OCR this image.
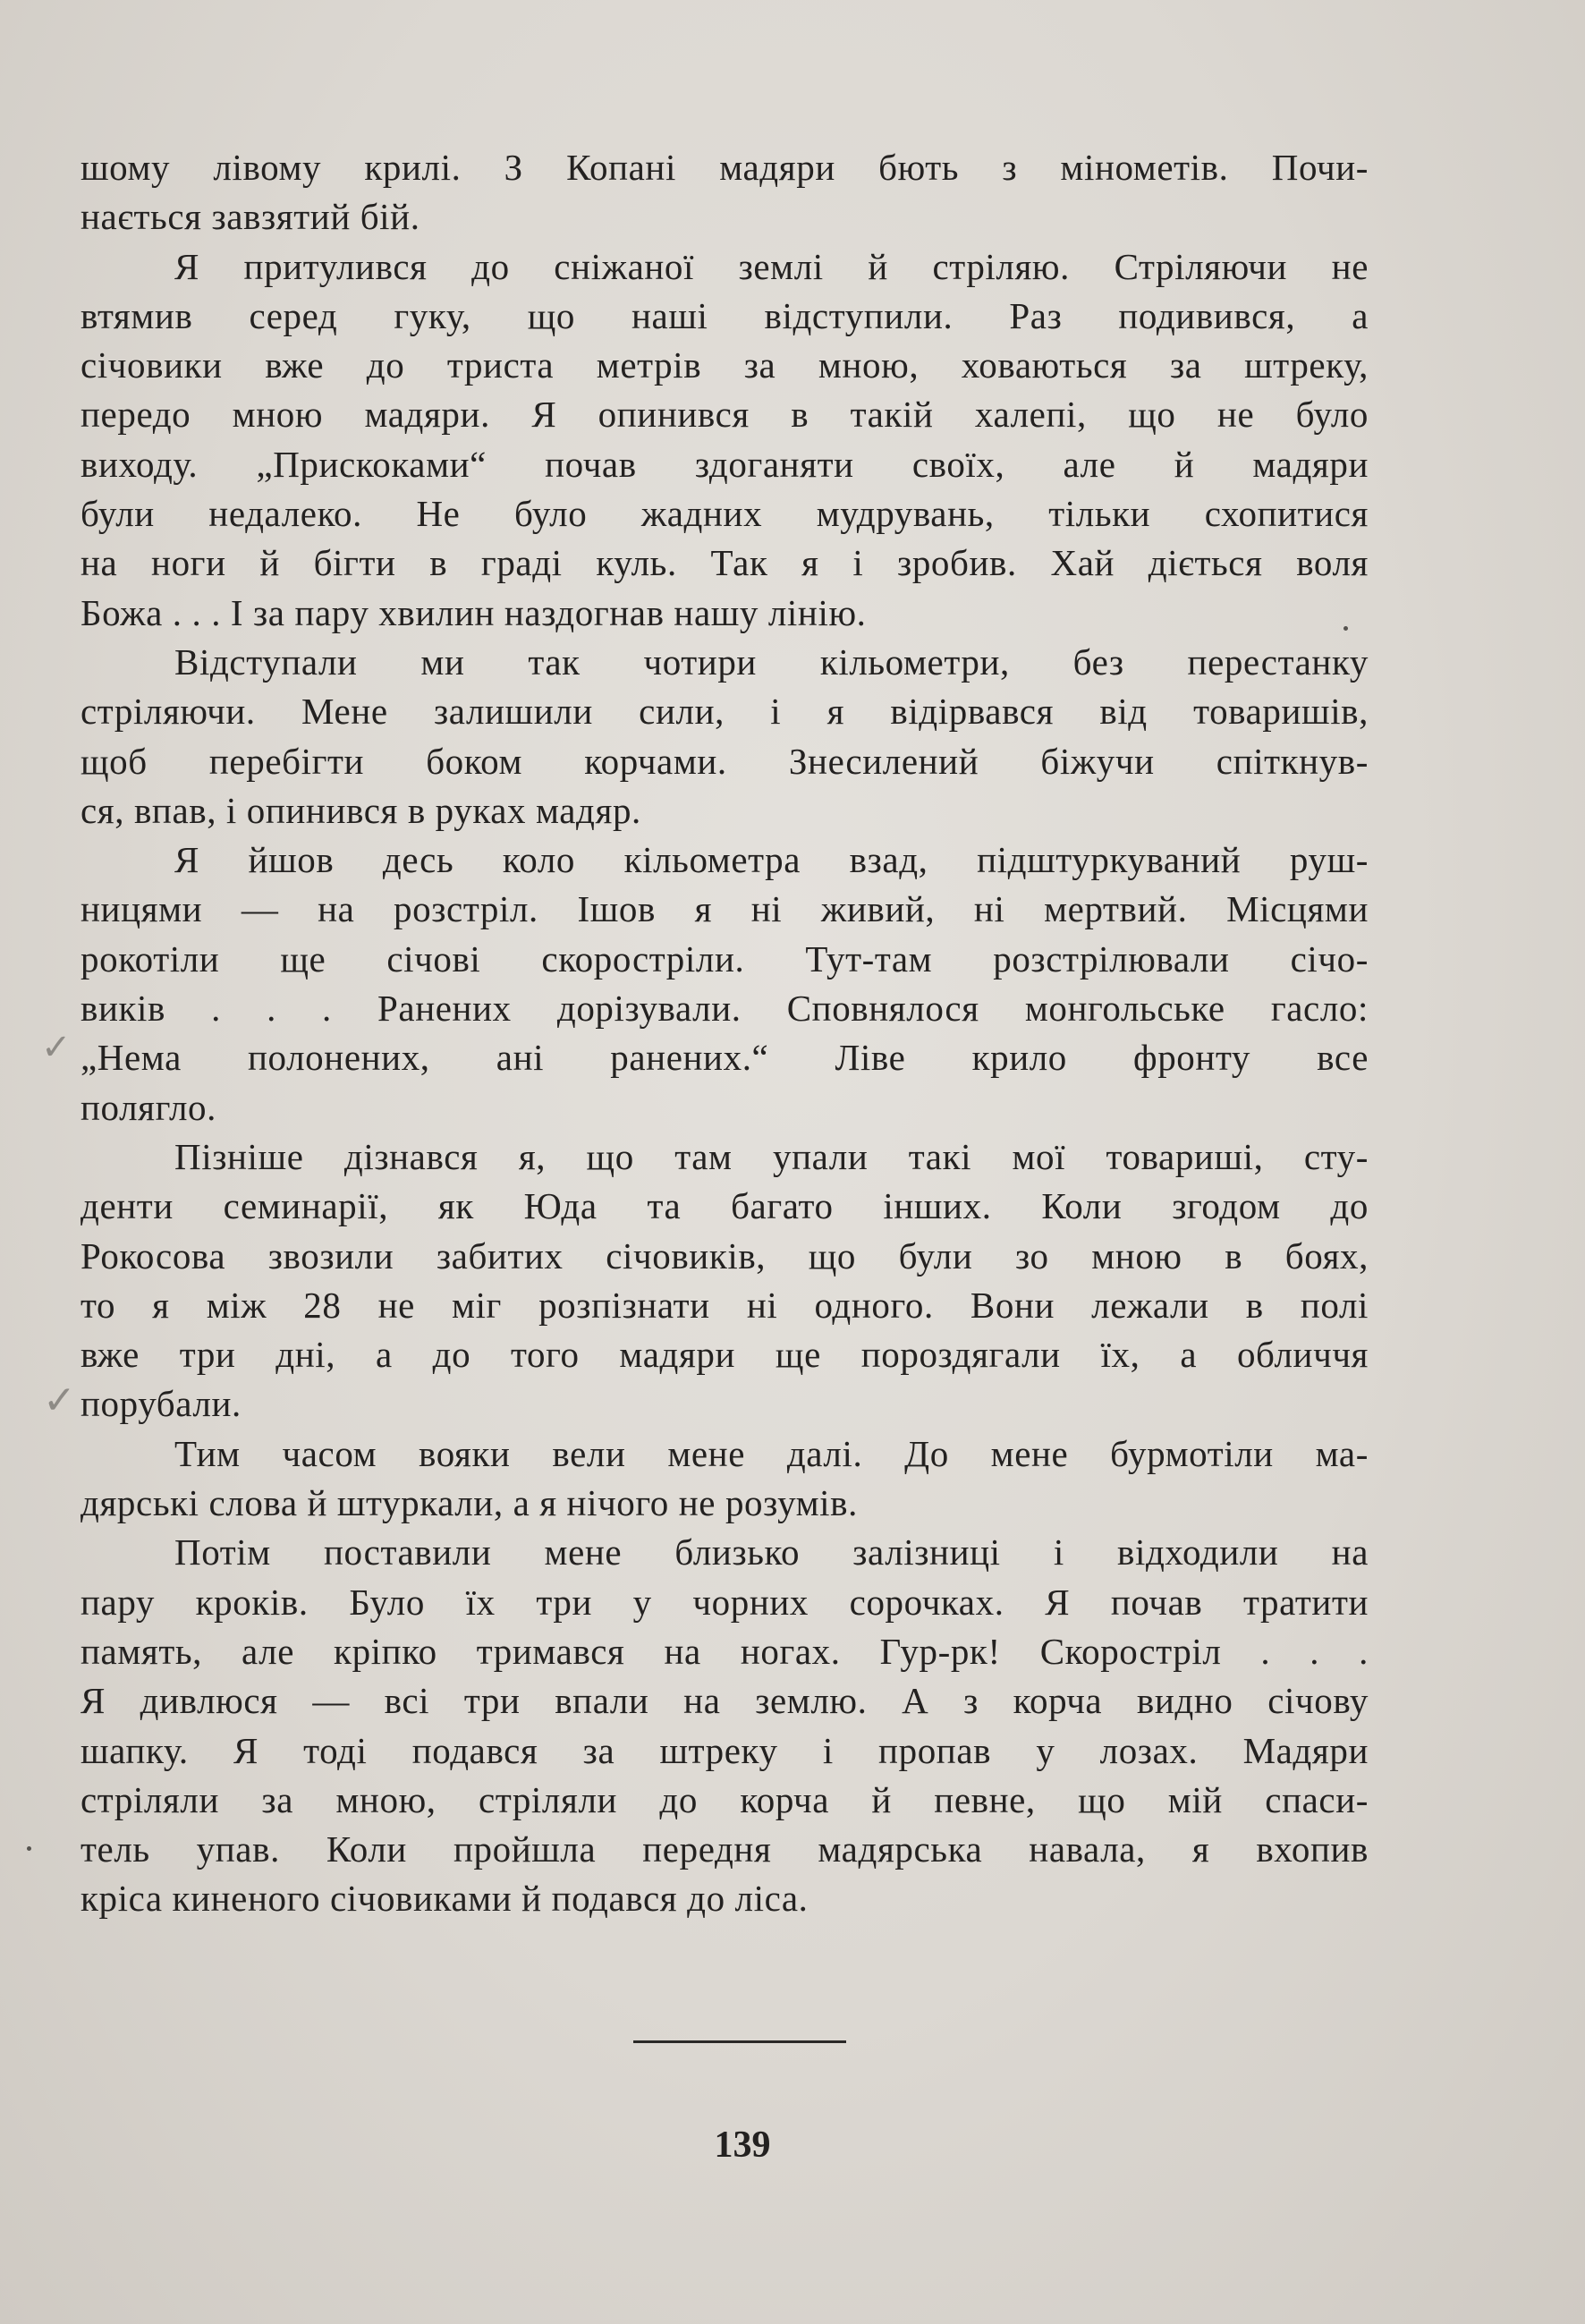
шому лівому крилі. З Копані мадяри бють з мінометів. Почи-
нається завзятий бій.
Я притулився до сніжаної землі й стріляю. Стріляючи не
втямив серед гуку, що наші відступили. Раз подивився, а
січовики вже до триста метрів за мною, ховаються за штреку,
передо мною мадяри. Я опинився в такій халепі, що не було
виходу. „Прискоками“ почав здоганяти своїх, але й мадяри
були недалеко. Не було жадних мудрувань, тільки схопитися
на ноги й бігти в граді куль. Так я і зробив. Хай діється воля
Божа . . . І за пару хвилин наздогнав нашу лінію.
Відступали ми так чотири кільометри, без перестанку
стріляючи. Мене залишили сили, і я відірвався від товаришів,
щоб перебігти боком корчами. Знесилений біжучи спіткнув-
ся, впав, і опинився в руках мадяр.
Я йшов десь коло кільометра взад, підштуркуваний руш-
ницями — на розстріл. Ішов я ні живий, ні мертвий. Місцями
рокотіли ще січові скоростріли. Тут-там розстрілювали січо-
виків . . . Ранених дорізували. Сповнялося монгольське гасло:
„Нема полонених, ані ранених.“ Ліве крило фронту все
полягло.
Пізніше дізнався я, що там упали такі мої товариші, сту-
денти семинарії, як Юда та багато інших. Коли згодом до
Рокосова звозили забитих січовиків, що були зо мною в боях,
то я між 28 не міг розпізнати ні одного. Вони лежали в полі
вже три дні, а до того мадяри ще пороздягали їх, а обличчя
порубали.
Тим часом вояки вели мене далі. До мене бурмотіли ма-
дярські слова й штуркали, а я нічого не розумів.
Потім поставили мене близько залізниці і відходили на
пару кроків. Було їх три у чорних сорочках. Я почав тратити
память, але кріпко тримався на ногах. Гур-рк! Скоростріл . . .
Я дивлюся — всі три впали на землю. А з корча видно січову
шапку. Я тоді подався за штреку і пропав у лозах. Мадяри
стріляли за мною, стріляли до корча й певне, що мій спаси-
тель упав. Коли пройшла передня мадярська навала, я вхопив
кріса киненого січовиками й подався до ліса.
✓
✓
139
